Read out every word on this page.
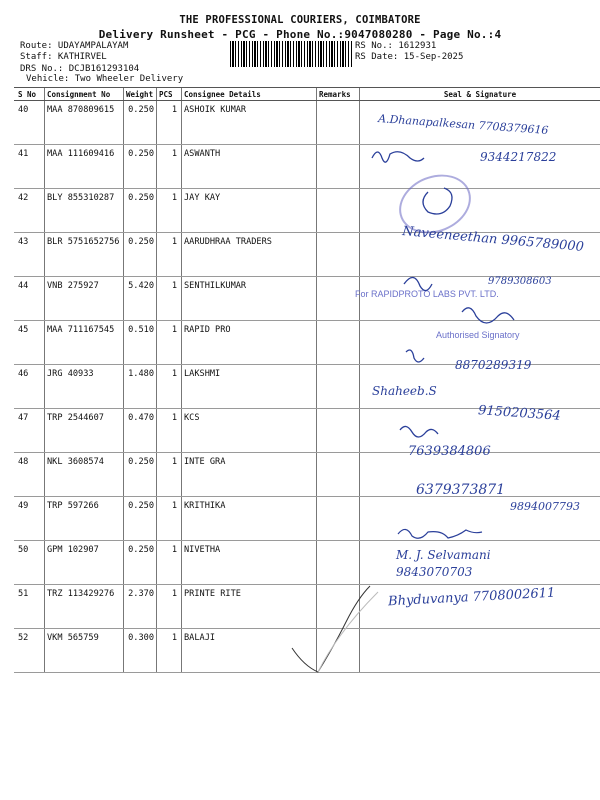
THE PROFESSIONAL COURIERS, COIMBATORE
Delivery Runsheet - PCG - Phone No.:9047080280 - Page No.:4
Route: UDAYAMPALAYAM
Staff: KATHIRVEL
DRS No.: DCJB161293104
Vehicle: Two Wheeler Delivery
RS No.: 1612931
RS Date: 15-Sep-2025
S No	Consignment No	Weight	PCS	Consignee Details	Remarks	Seal & Signature
40	MAA 870809615	0.250	1	ASHOIK KUMAR		
41	MAA 111609416	0.250	1	ASWANTH		
42	BLY 855310287	0.250	1	JAY KAY		
43	BLR 5751652756	0.250	1	AARUDHRAA TRADERS		
44	VNB 275927	5.420	1	SENTHILKUMAR		
45	MAA 711167545	0.510	1	RAPID PRO		
46	JRG 40933	1.480	1	LAKSHMI		
47	TRP 2544607	0.470	1	KCS		
48	NKL 3608574	0.250	1	INTE GRA		
49	TRP 597266	0.250	1	KRITHIKA		
50	GPM 102907	0.250	1	NIVETHA		
51	TRZ 113429276	2.370	1	PRINTE RITE		
52	VKM 565759	0.300	1	BALAJI		
A.Dhanapalkesan 7708379616
9344217822
Naveeneethan 9965789000
9789308603
For RAPIDPROTO LABS PVT. LTD.
Authorised Signatory
8870289319
Shaheeb.S
9150203564
7639384806
6379373871
9894007793
M. J. Selvamani
9843070703
Bhyduvanya 7708002611
